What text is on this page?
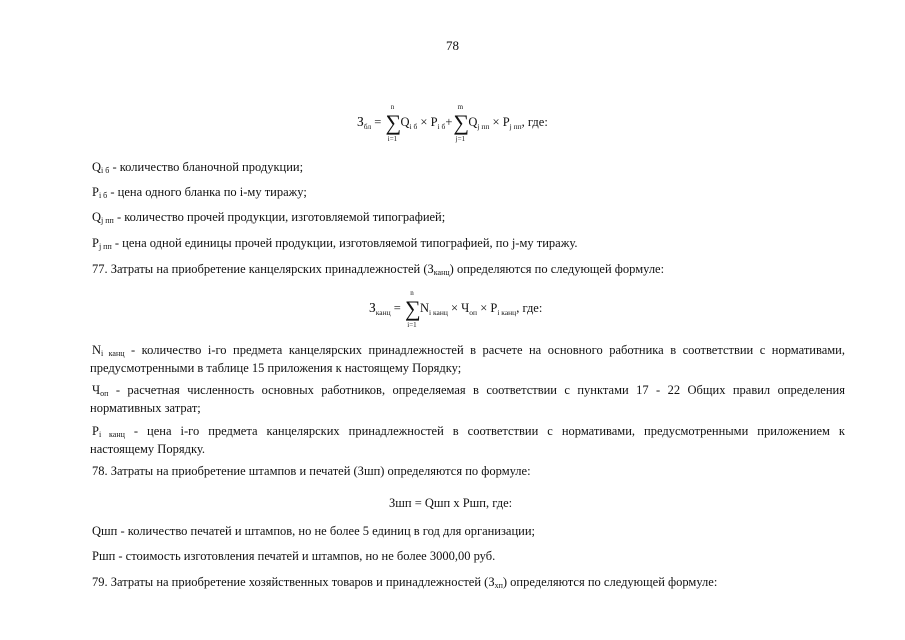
78
$З_{бл}$ =
n
∑
i=1
$Q_{i б} \times P_{i б}+$
m
∑
j=1
$Q_{j пп} \times P_{j пп}$, где:
Qi б - количество бланочной продукции;
Pi б - цена одного бланка по i-му тиражу;
Qj пп - количество прочей продукции, изготовляемой типографией;
Pj пп - цена одной единицы прочей продукции, изготовляемой типографией, по j-му тиражу.
77. Затраты на приобретение канцелярских принадлежностей (Зканц) определяются по следующей формуле:
$З_{канц}$ =
n
∑
i=1
$N_{i канц} \times Ч_{оп} \times P_{i канц}$, где:
Ni канц - количество i-го предмета канцелярских принадлежностей в расчете на основного работника в соответствии с нормативами,
предусмотренными в таблице 15 приложения к настоящему Порядку;
Чоп - расчетная численность основных работников, определяемая в соответствии с пунктами 17 - 22 Общих правил определения
нормативных затрат;
Pi канц - цена i-го предмета канцелярских принадлежностей в соответствии с нормативами, предусмотренными приложением к
настоящему Порядку.
78. Затраты на приобретение штампов и печатей (Зшп) определяются по формуле:
Зшп = Qшп х Ршп, где:
Qшп - количество печатей и штампов, но не более 5 единиц в год для организации;
Ршп - стоимость изготовления печатей и штампов, но не более 3000,00 руб.
79. Затраты на приобретение хозяйственных товаров и принадлежностей (Зхп) определяются по следующей формуле:
